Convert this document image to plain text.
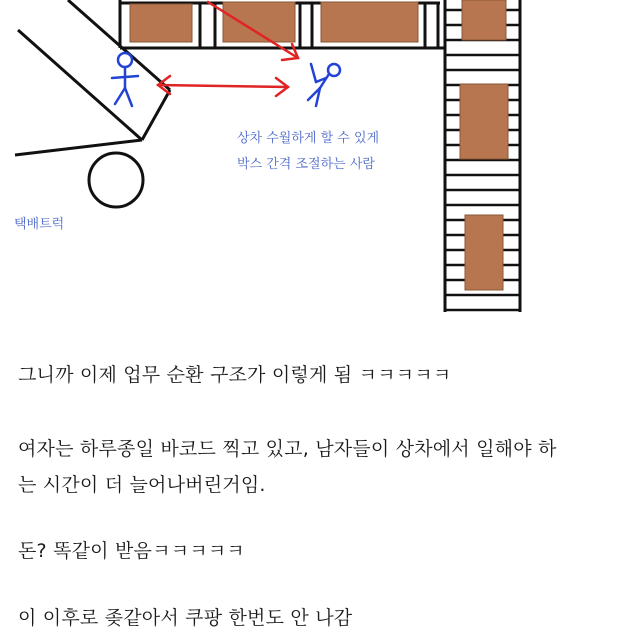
상차 수월하게 할 수 있게
박스 간격 조절하는 사람
택배트럭
그니까 이제 업무 순환 구조가 이렇게 됨 ㅋㅋㅋㅋㅋ
여자는 하루종일 바코드 찍고 있고, 남자들이 상차에서 일해야 하
는 시간이 더 늘어나버린거임.
돈? 똑같이 받음ㅋㅋㅋㅋㅋ
이 이후로 좆같아서 쿠팡 한번도 안 나감
